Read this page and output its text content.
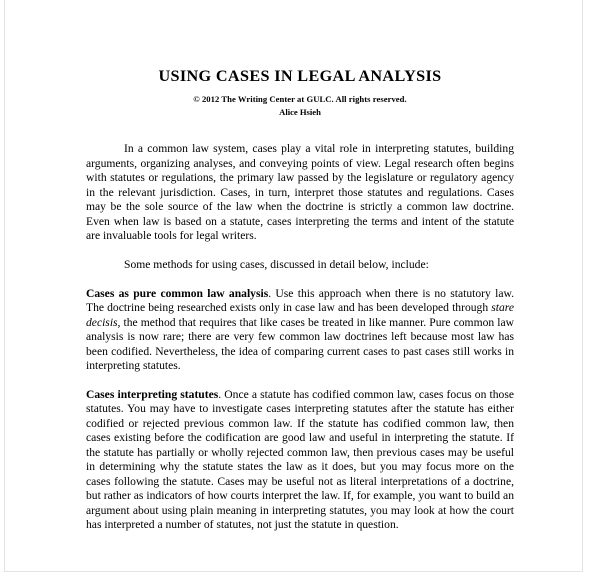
USING CASES IN LEGAL ANALYSIS
© 2012 The Writing Center at GULC. All rights reserved.
Alice Hsieh

In a common law system, cases play a vital role in interpreting statutes, building arguments, organizing analyses, and conveying points of view. Legal research often begins with statutes or regulations, the primary law passed by the legislature or regulatory agency in the relevant jurisdiction. Cases, in turn, interpret those statutes and regulations. Cases may be the sole source of the law when the doctrine is strictly a common law doctrine. Even when law is based on a statute, cases interpreting the terms and intent of the statute are invaluable tools for legal writers.

Some methods for using cases, discussed in detail below, include:

Cases as pure common law analysis. Use this approach when there is no statutory law. The doctrine being researched exists only in case law and has been developed through stare decisis, the method that requires that like cases be treated in like manner. Pure common law analysis is now rare; there are very few common law doctrines left because most law has been codified. Nevertheless, the idea of comparing current cases to past cases still works in interpreting statutes.

Cases interpreting statutes. Once a statute has codified common law, cases focus on those statutes. You may have to investigate cases interpreting statutes after the statute has either codified or rejected previous common law. If the statute has codified common law, then cases existing before the codification are good law and useful in interpreting the statute. If the statute has partially or wholly rejected common law, then previous cases may be useful in determining why the statute states the law as it does, but you may focus more on the cases following the statute. Cases may be useful not as literal interpretations of a doctrine, but rather as indicators of how courts interpret the law. If, for example, you want to build an argument about using plain meaning in interpreting statutes, you may look at how the court has interpreted a number of statutes, not just the statute in question.
